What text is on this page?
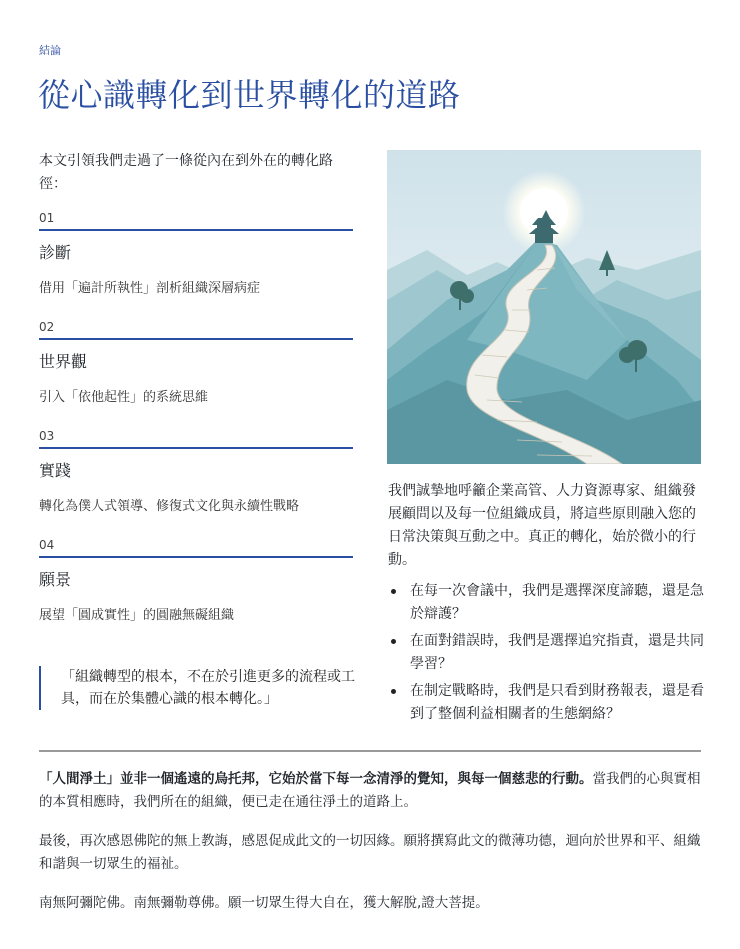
結論
從心識轉化到世界轉化的道路

本文引領我們走過了一條從內在到外在的轉化路徑：

01
診斷
借用「遍計所執性」剖析組織深層病症
02
世界觀
引入「依他起性」的系統思維
03
實踐
轉化為僕人式領導、修復式文化與永續性戰略
04
願景
展望「圓成實性」的圓融無礙組織
「組織轉型的根本，不在於引進更多的流程或工具，而在於集體心識的根本轉化。」

我們誠摯地呼籲企業高管、人力資源專家、組織發展顧問以及每一位組織成員，將這些原則融入您的日常決策與互動之中。真正的轉化，始於微小的行動。

在每一次會議中，我們是選擇深度諦聽，還是急於辯護？
在面對錯誤時，我們是選擇追究指責，還是共同學習？
在制定戰略時，我們是只看到財務報表，還是看到了整個利益相關者的生態網絡？

「人間淨土」並非一個遙遠的烏托邦，它始於當下每一念清淨的覺知，與每一個慈悲的行動。當我們的心與實相的本質相應時，我們所在的組織，便已走在通往淨土的道路上。

最後，再次感恩佛陀的無上教誨，感恩促成此文的一切因緣。願將撰寫此文的微薄功德，迴向於世界和平、組織和諧與一切眾生的福祉。

南無阿彌陀佛。南無彌勒尊佛。願一切眾生得大自在，獲大解脫,證大菩提。
